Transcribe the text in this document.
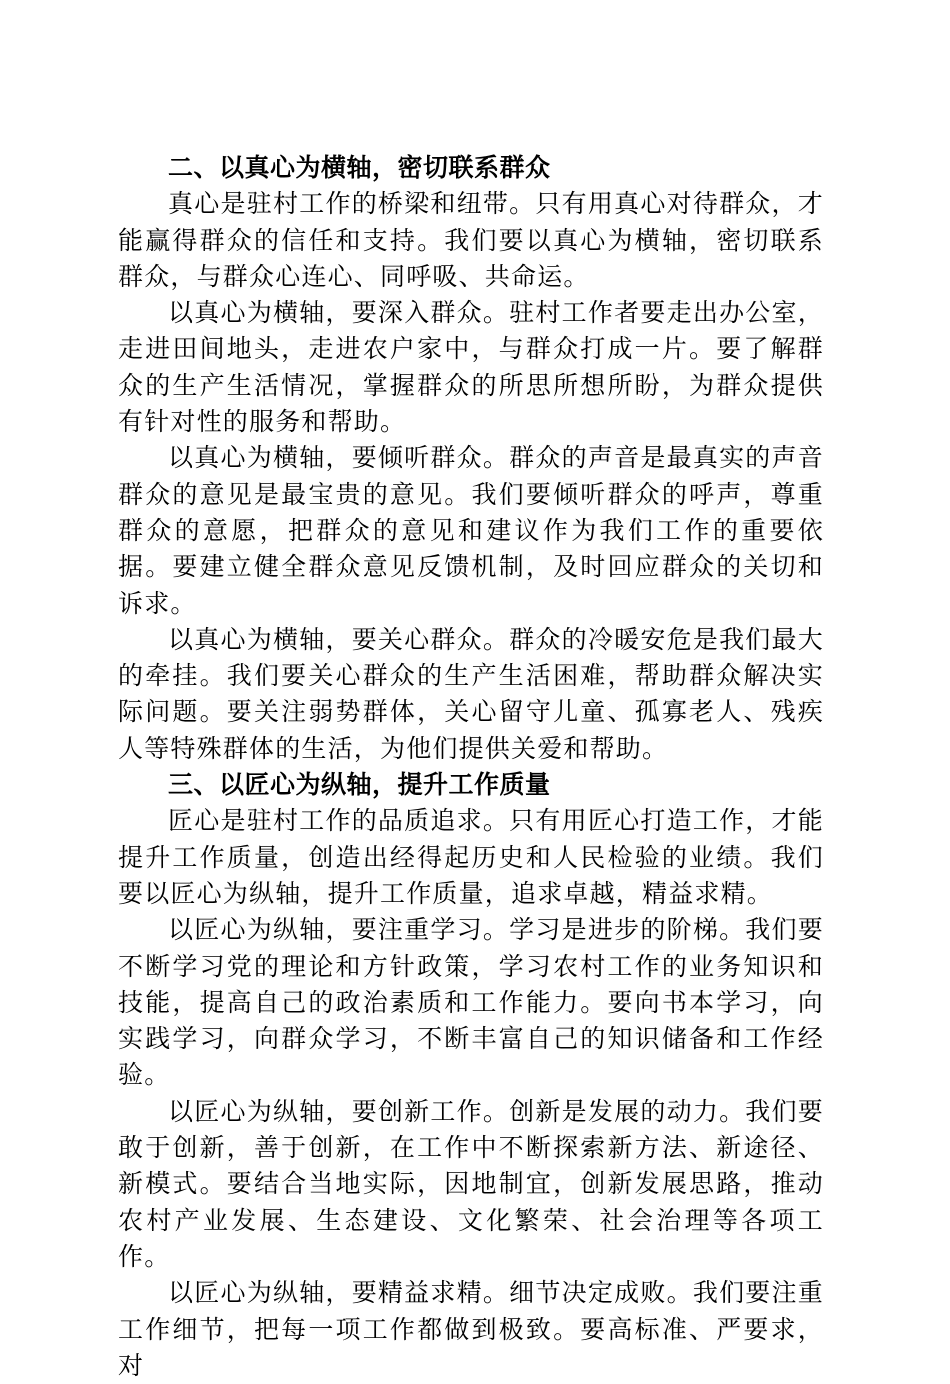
二、以真心为横轴，密切联系群众

真心是驻村工作的桥梁和纽带。只有用真心对待群众，才能赢得群众的信任和支持。我们要以真心为横轴，密切联系群众，与群众心连心、同呼吸、共命运。

以真心为横轴，要深入群众。驻村工作者要走出办公室，走进田间地头，走进农户家中，与群众打成一片。要了解群众的生产生活情况，掌握群众的所思所想所盼，为群众提供有针对性的服务和帮助。

以真心为横轴，要倾听群众。群众的声音是最真实的声音群众的意见是最宝贵的意见。我们要倾听群众的呼声，尊重群众的意愿，把群众的意见和建议作为我们工作的重要依据。要建立健全群众意见反馈机制，及时回应群众的关切和诉求。

以真心为横轴，要关心群众。群众的冷暖安危是我们最大的牵挂。我们要关心群众的生产生活困难，帮助群众解决实际问题。要关注弱势群体，关心留守儿童、孤寡老人、残疾人等特殊群体的生活，为他们提供关爱和帮助。

三、以匠心为纵轴，提升工作质量

匠心是驻村工作的品质追求。只有用匠心打造工作，才能提升工作质量，创造出经得起历史和人民检验的业绩。我们要以匠心为纵轴，提升工作质量，追求卓越，精益求精。

以匠心为纵轴，要注重学习。学习是进步的阶梯。我们要不断学习党的理论和方针政策，学习农村工作的业务知识和技能，提高自己的政治素质和工作能力。要向书本学习，向实践学习，向群众学习，不断丰富自己的知识储备和工作经验。

以匠心为纵轴，要创新工作。创新是发展的动力。我们要敢于创新，善于创新，在工作中不断探索新方法、新途径、新模式。要结合当地实际，因地制宜，创新发展思路，推动农村产业发展、生态建设、文化繁荣、社会治理等各项工作。

以匠心为纵轴，要精益求精。细节决定成败。我们要注重工作细节，把每一项工作都做到极致。要高标准、严要求，对
